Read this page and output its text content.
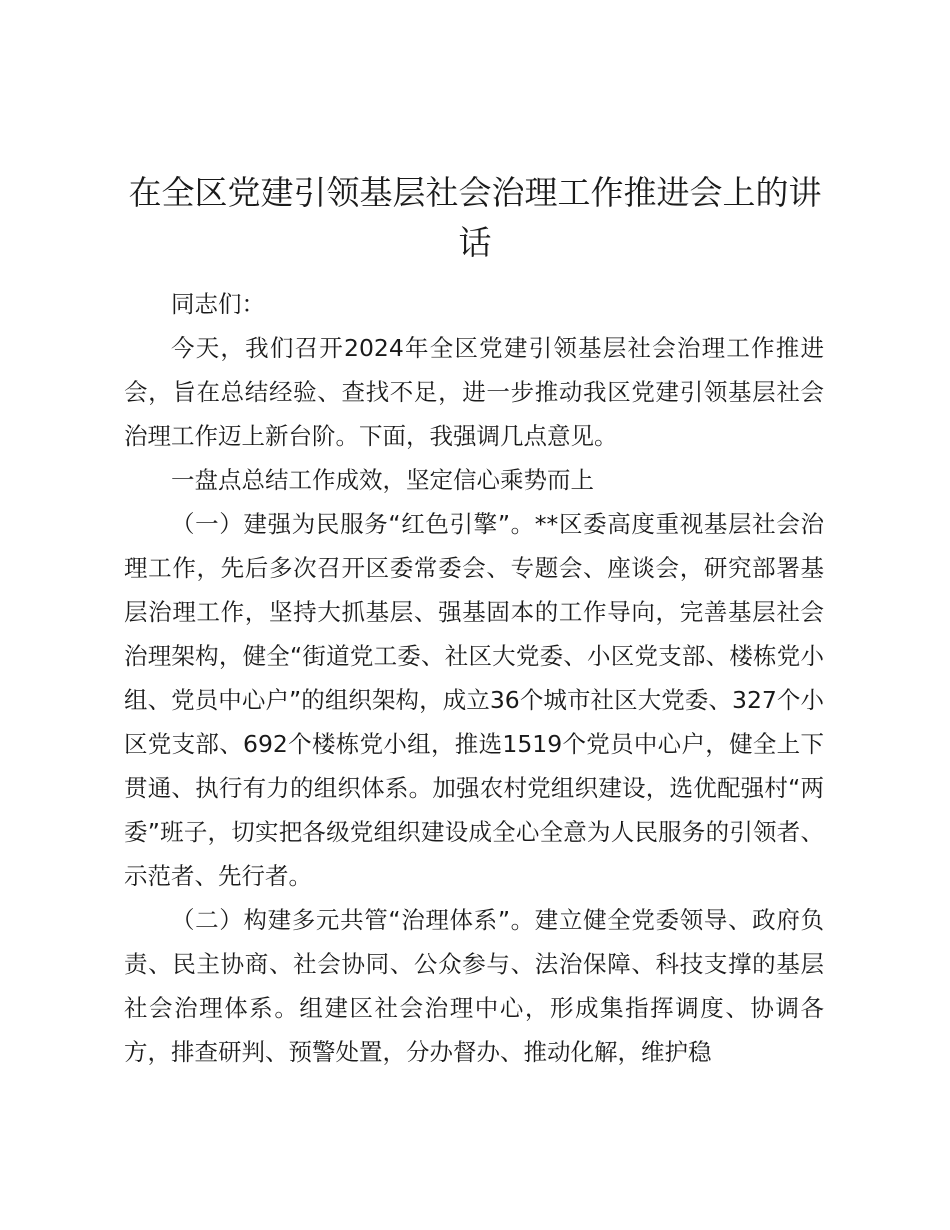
在全区党建引领基层社会治理工作推进会上的讲话

同志们：

今天，我们召开2024年全区党建引领基层社会治理工作推进会，旨在总结经验、查找不足，进一步推动我区党建引领基层社会治理工作迈上新台阶。下面，我强调几点意见。

一盘点总结工作成效，坚定信心乘势而上

（一）建强为民服务“红色引擎”。**区委高度重视基层社会治理工作，先后多次召开区委常委会、专题会、座谈会，研究部署基层治理工作，坚持大抓基层、强基固本的工作导向，完善基层社会治理架构，健全“街道党工委、社区大党委、小区党支部、楼栋党小组、党员中心户”的组织架构，成立36个城市社区大党委、327个小区党支部、692个楼栋党小组，推选1519个党员中心户，健全上下贯通、执行有力的组织体系。加强农村党组织建设，选优配强村“两委”班子，切实把各级党组织建设成全心全意为人民服务的引领者、示范者、先行者。

（二）构建多元共管“治理体系”。建立健全党委领导、政府负责、民主协商、社会协同、公众参与、法治保障、科技支撑的基层社会治理体系。组建区社会治理中心，形成集指挥调度、协调各方，排查研判、预警处置，分办督办、推动化解，维护稳
